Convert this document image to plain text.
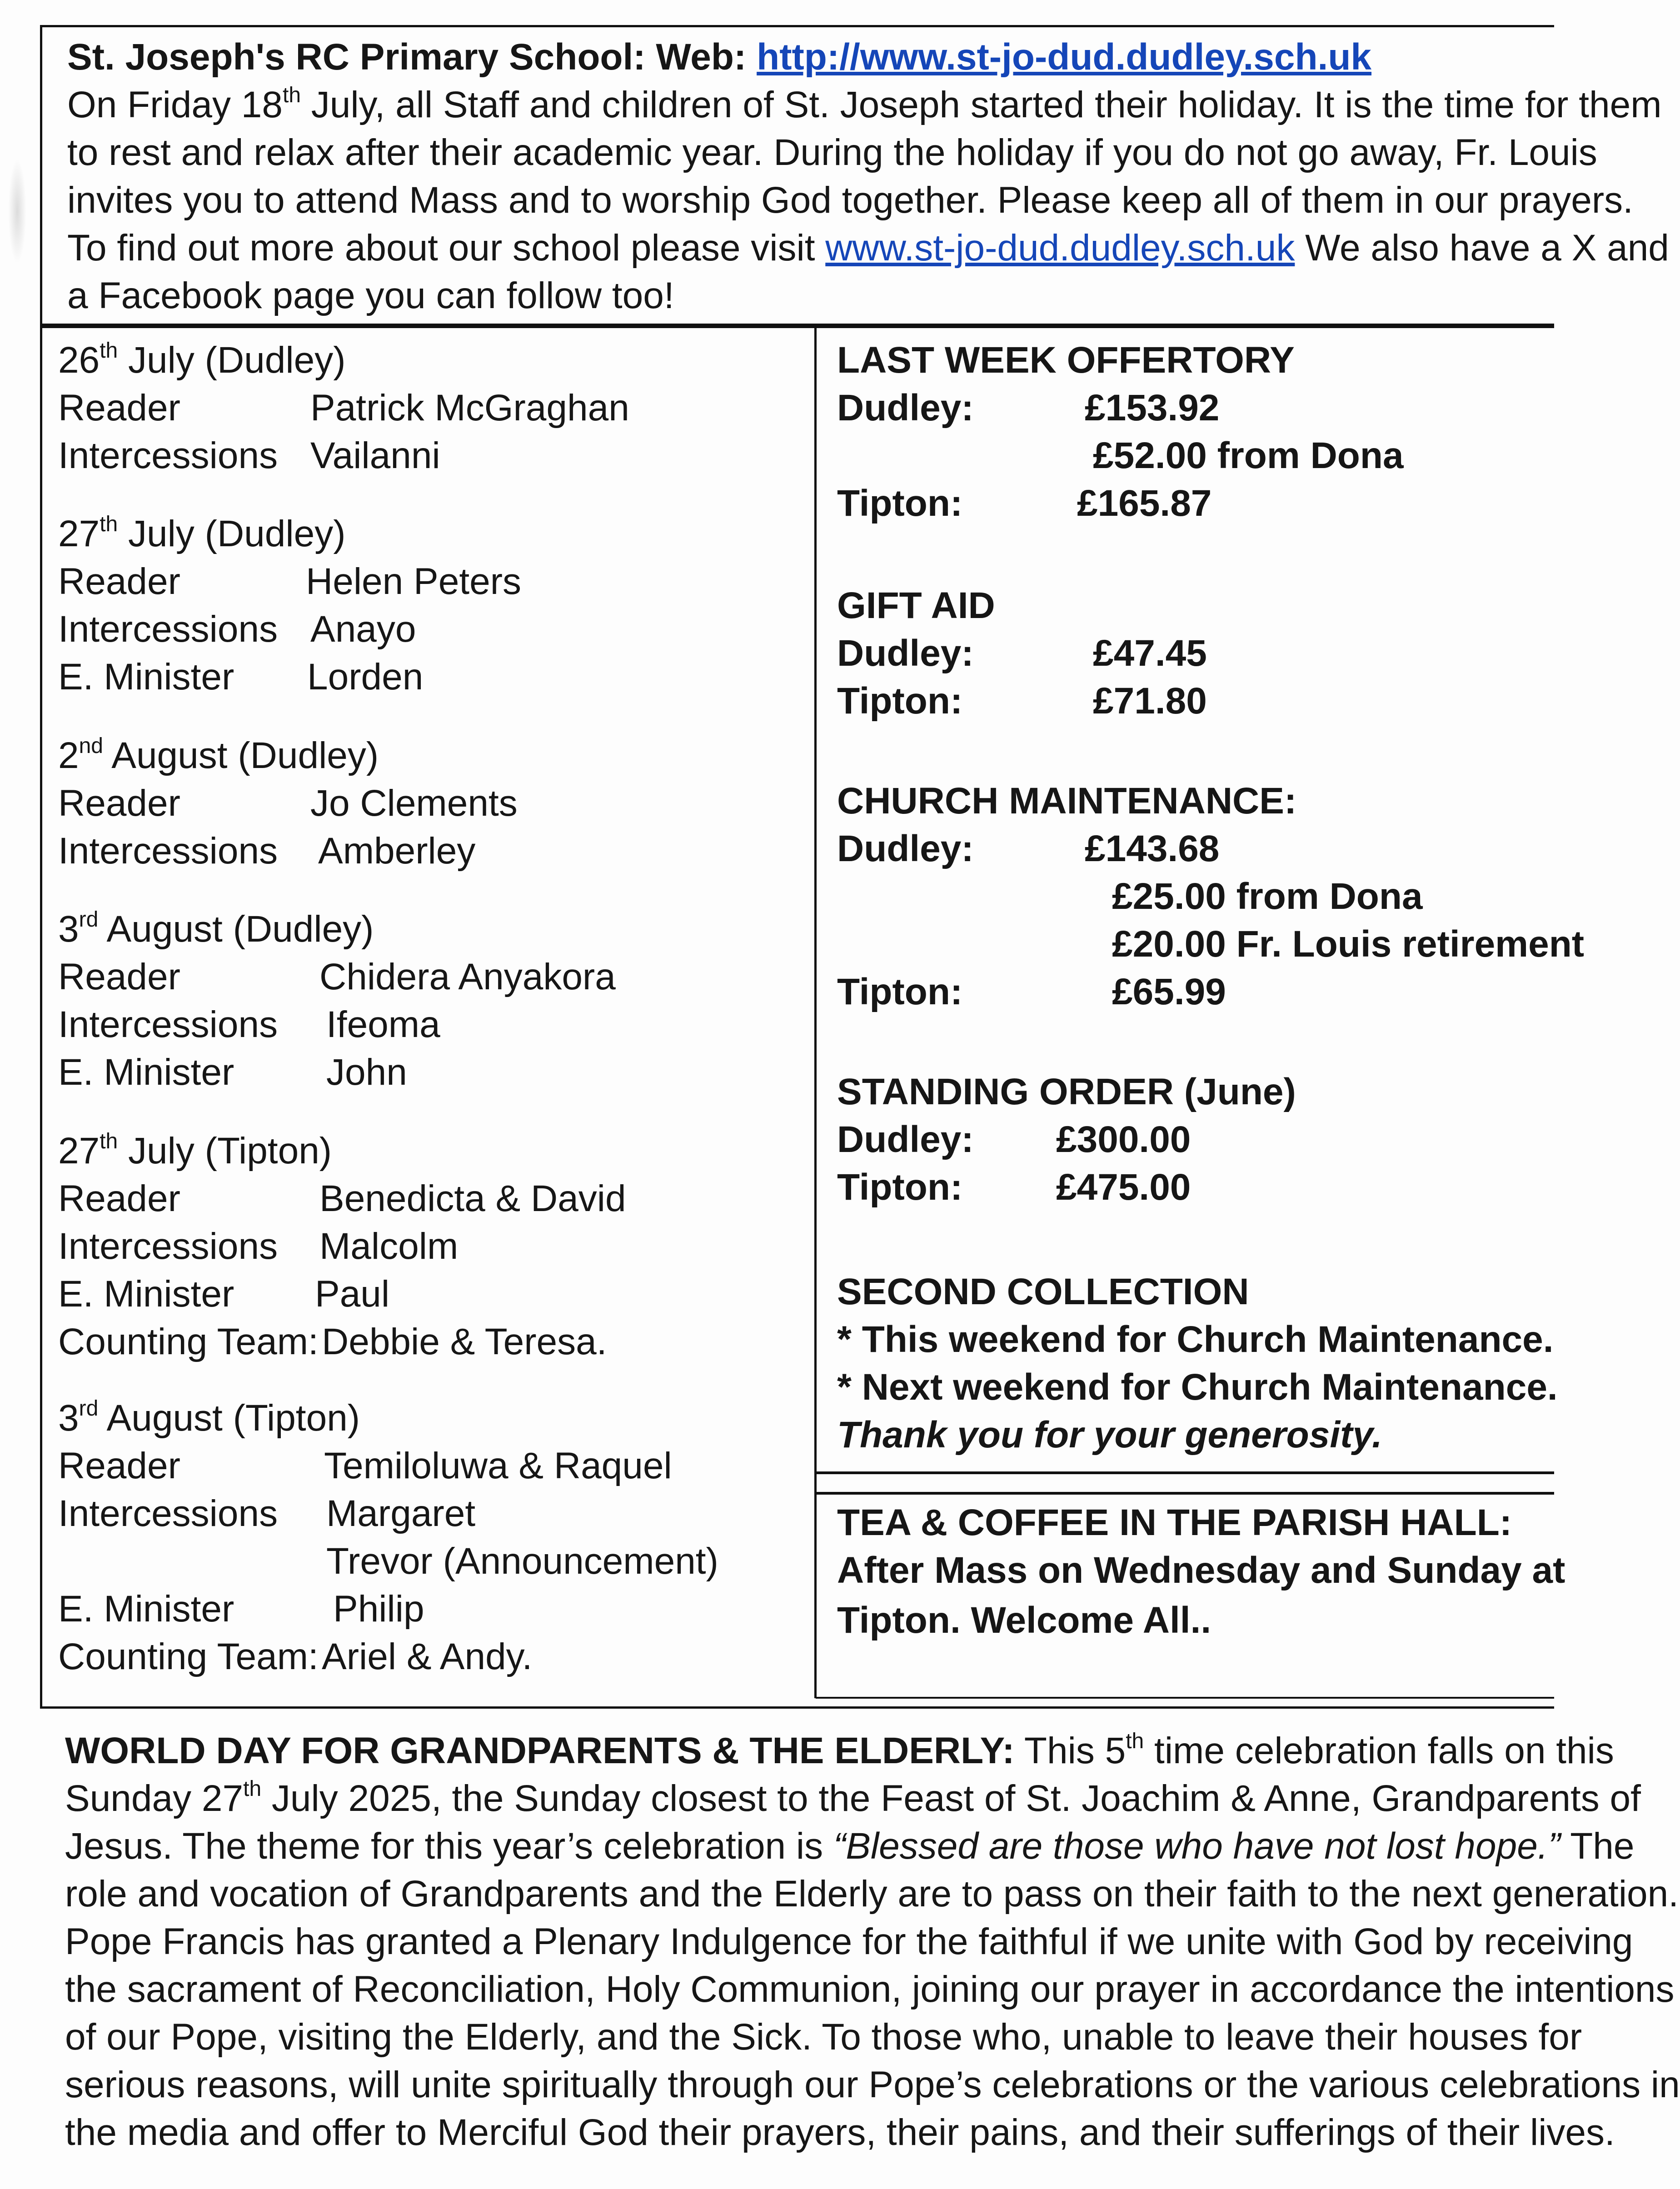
St. Joseph's RC Primary School: Web: http://www.st-jo-dud.dudley.sch.uk
On Friday 18th July, all Staff and children of St. Joseph started their holiday. It is the time for them
to rest and relax after their academic year. During the holiday if you do not go away, Fr. Louis
invites you to attend Mass and to worship God together. Please keep all of them in our prayers.
To find out more about our school please visit www.st-jo-dud.dudley.sch.uk We also have a X and
a Facebook page you can follow too!
26th July (Dudley)
Reader	Patrick McGraghan
Intercessions Vailanni
27th July (Dudley)
Reader	Helen Peters
Intercessions Anayo
E. Minister Lorden
2nd August (Dudley)
Reader	Jo Clements
Intercessions Amberley
3rd August (Dudley)
Reader	Chidera Anyakora
Intercessions Ifeoma
E. Minister John
27th July (Tipton)
Reader	Benedicta & David
Intercessions Malcolm
E. Minister Paul
Counting Team: Debbie & Teresa.
3rd August (Tipton)
Reader	Temiloluwa & Raquel
Intercessions Margaret
Trevor (Announcement)
E. Minister	Philip
Counting Team: Ariel & Andy.
LAST WEEK OFFERTORY
Dudley:	£153.92
£52.00 from Dona
Tipton:	£165.87
GIFT AID
Dudley:	£47.45
Tipton:	£71.80
CHURCH MAINTENANCE:
Dudley:	£143.68
£25.00 from Dona
£20.00 Fr. Louis retirement
Tipton:	£65.99
STANDING ORDER (June)
Dudley: £300.00
Tipton:	£475.00
SECOND COLLECTION
* This weekend for Church Maintenance.
* Next weekend for Church Maintenance.
Thank you for your generosity.
TEA & COFFEE IN THE PARISH HALL:
After Mass on Wednesday and Sunday at
Tipton. Welcome All..
WORLD DAY FOR GRANDPARENTS & THE ELDERLY: This 5th time celebration falls on this
Sunday 27th July 2025, the Sunday closest to the Feast of St. Joachim & Anne, Grandparents of
Jesus. The theme for this year’s celebration is “Blessed are those who have not lost hope.” The
role and vocation of Grandparents and the Elderly are to pass on their faith to the next generation.
Pope Francis has granted a Plenary Indulgence for the faithful if we unite with God by receiving
the sacrament of Reconciliation, Holy Communion, joining our prayer in accordance the intentions
of our Pope, visiting the Elderly, and the Sick. To those who, unable to leave their houses for
serious reasons, will unite spiritually through our Pope’s celebrations or the various celebrations in
the media and offer to Merciful God their prayers, their pains, and their sufferings of their lives.
